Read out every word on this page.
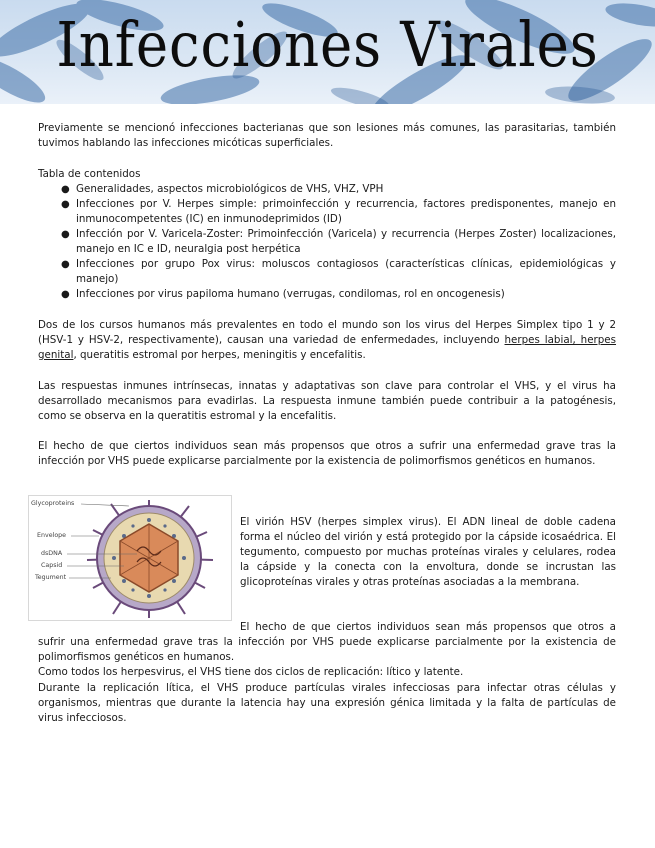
Infecciones Virales

Previamente se mencionó infecciones bacterianas que son lesiones más comunes, las parasitarias, también tuvimos hablando las infecciones micóticas superficiales.

Tabla de contenidos

● Generalidades, aspectos microbiológicos de VHS, VHZ, VPH
● Infecciones por V. Herpes simple: primoinfección y recurrencia, factores predisponentes, manejo en inmunocompetentes (IC) en inmunodeprimidos (ID)
● Infección por V. Varicela-Zoster: Primoinfección (Varicela) y recurrencia (Herpes Zoster) localizaciones, manejo en IC e ID, neuralgia post herpética
● Infecciones por grupo Pox virus: moluscos contagiosos (características clínicas, epidemiológicas y manejo)
● Infecciones por virus papiloma humano (verrugas, condilomas, rol en oncogenesis)

Dos de los cursos humanos más prevalentes en todo el mundo son los virus del Herpes Simplex tipo 1 y 2 (HSV-1 y HSV-2, respectivamente), causan una variedad de enfermedades, incluyendo herpes labial, herpes genital, queratitis estromal por herpes, meningitis y encefalitis.

Las respuestas inmunes intrínsecas, innatas y adaptativas son clave para controlar el VHS, y el virus ha desarrollado mecanismos para evadirlas. La respuesta inmune también puede contribuir a la patogénesis, como se observa en la queratitis estromal y la encefalitis.

El hecho de que ciertos individuos sean más propensos que otros a sufrir una enfermedad grave tras la infección por VHS puede explicarse parcialmente por la existencia de polimorfismos genéticos en humanos.

Glycoproteins
Envelope
dsDNA
Capsid
Tegument

El virión HSV (herpes simplex virus). El ADN lineal de doble cadena forma el núcleo del virión y está protegido por la cápside icosaédrica. El tegumento, compuesto por muchas proteínas virales y celulares, rodea la cápside y la conecta con la envoltura, donde se incrustan las glicoproteínas virales y otras proteínas asociadas a la membrana.

El hecho de que ciertos individuos sean más propensos que otros a sufrir una enfermedad grave tras la infección por VHS puede explicarse parcialmente por la existencia de polimorfismos genéticos en humanos.

Como todos los herpesvirus, el VHS tiene dos ciclos de replicación: lítico y latente.

Durante la replicación lítica, el VHS produce partículas virales infecciosas para infectar otras células y organismos, mientras que durante la latencia hay una expresión génica limitada y la falta de partículas de virus infecciosos.
